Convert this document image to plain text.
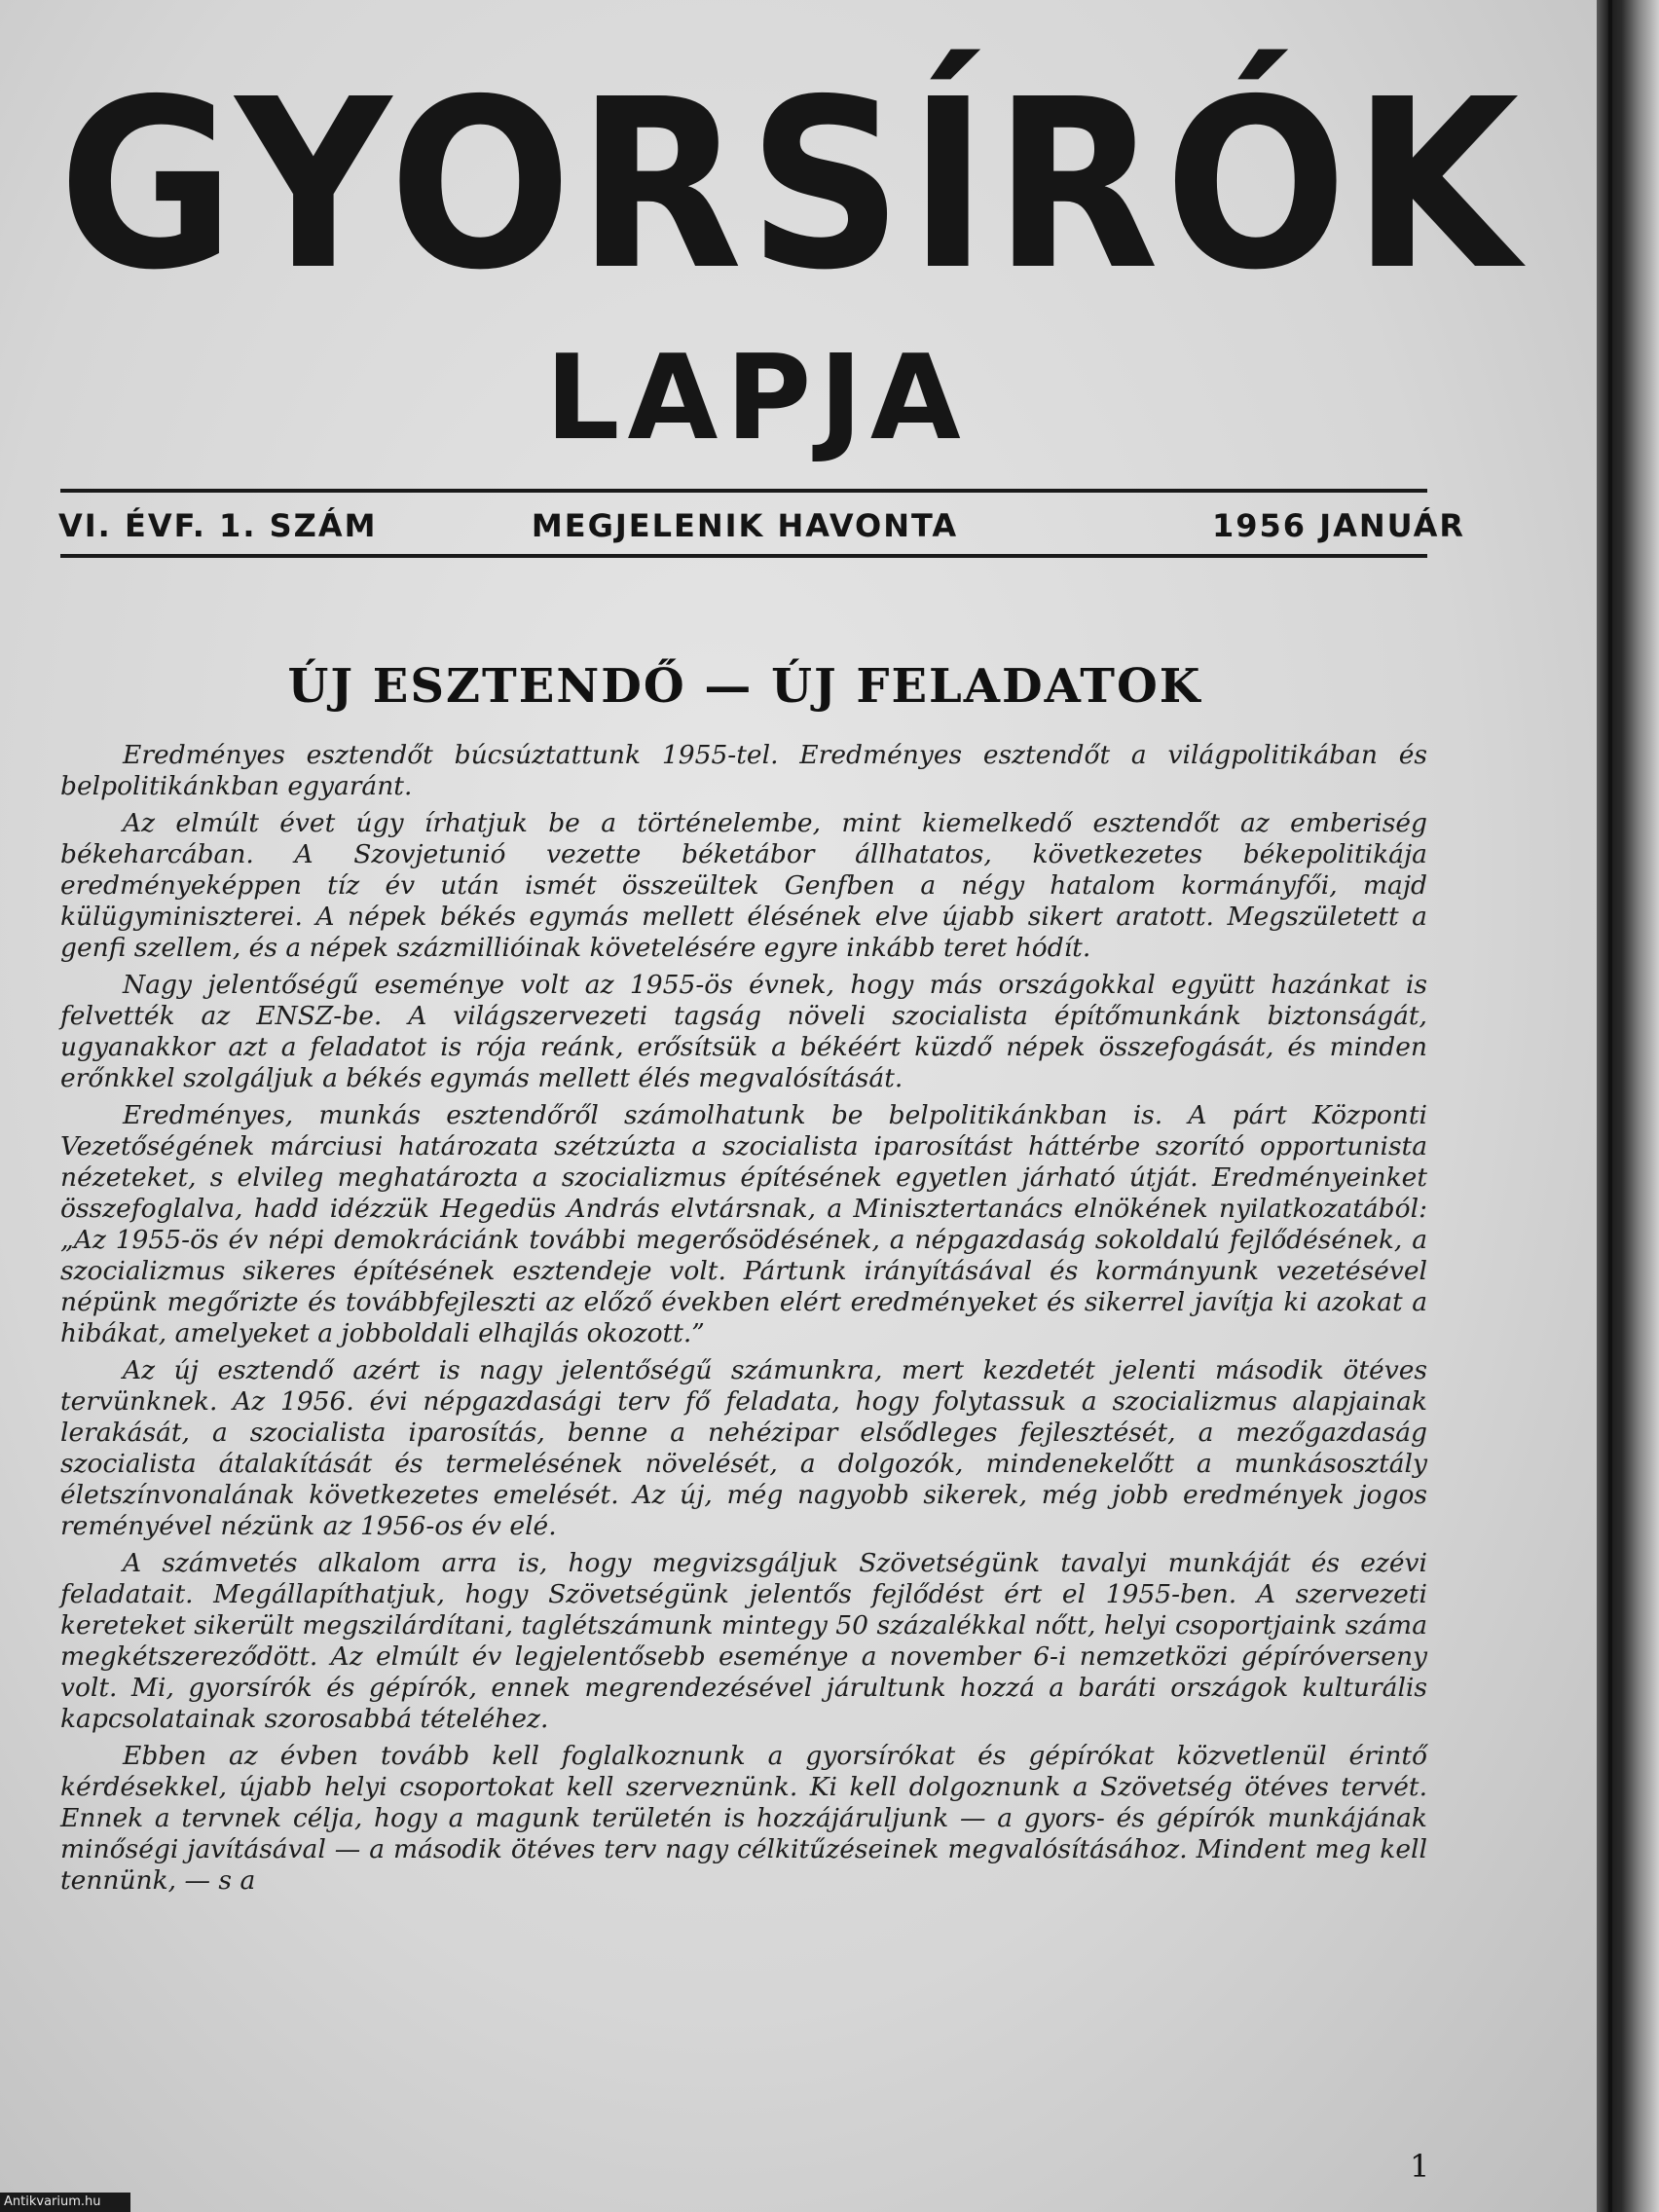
GYORSÍRÓK
LAPJA
VI. ÉVF. 1. SZÁM	MEGJELENIK HAVONTA	1956 JANUÁR
ÚJ ESZTENDŐ — ÚJ FELADATOK

Eredményes esztendőt búcsúztattunk 1955-tel. Eredményes esztendőt a világpolitikában és belpolitikánkban egyaránt.

Az elmúlt évet úgy írhatjuk be a történelembe, mint kiemelkedő esztendőt az emberiség békeharcában. A Szovjetunió vezette béketábor állhatatos, következetes békepolitikája eredményeképpen tíz év után ismét összeültek Genfben a négy hatalom kormányfői, majd külügyminiszterei. A népek békés egymás mellett élésének elve újabb sikert aratott. Megszületett a genfi szellem, és a népek százmillióinak követelésére egyre inkább teret hódít.

Nagy jelentőségű eseménye volt az 1955-ös évnek, hogy más országokkal együtt hazánkat is felvették az ENSZ-be. A világszervezeti tagság növeli szocialista építőmunkánk biztonságát, ugyanakkor azt a feladatot is rója reánk, erősítsük a békéért küzdő népek összefogását, és minden erőnkkel szolgáljuk a békés egymás mellett élés megvalósítását.

Eredményes, munkás esztendőről számolhatunk be belpolitikánkban is. A párt Központi Vezetőségének márciusi határozata szétzúzta a szocialista iparosítást háttérbe szorító opportunista nézeteket, s elvileg meghatározta a szocializmus építésének egyetlen járható útját. Eredményeinket összefoglalva, hadd idézzük Hegedüs András elvtársnak, a Minisztertanács elnökének nyilatkozatából: „Az 1955-ös év népi demokráciánk további megerősödésének, a népgazdaság sokoldalú fejlődésének, a szocializmus sikeres építésének esztendeje volt. Pártunk irányításával és kormányunk vezetésével népünk megőrizte és továbbfejleszti az előző években elért eredményeket és sikerrel javítja ki azokat a hibákat, amelyeket a jobboldali elhajlás okozott.”

Az új esztendő azért is nagy jelentőségű számunkra, mert kezdetét jelenti második ötéves tervünknek. Az 1956. évi népgazdasági terv fő feladata, hogy folytassuk a szocializmus alapjainak lerakását, a szocialista iparosítás, benne a nehézipar elsődleges fejlesztését, a mezőgazdaság szocialista átalakítását és termelésének növelését, a dolgozók, mindenekelőtt a munkásosztály életszínvonalának következetes emelését. Az új, még nagyobb sikerek, még jobb eredmények jogos reményével nézünk az 1956-os év elé.

A számvetés alkalom arra is, hogy megvizsgáljuk Szövetségünk tavalyi munkáját és ezévi feladatait. Megállapíthatjuk, hogy Szövetségünk jelentős fejlődést ért el 1955-ben. A szervezeti kereteket sikerült megszilárdítani, taglétszámunk mintegy 50 százalékkal nőtt, helyi csoportjaink száma megkétszereződött. Az elmúlt év legjelentősebb eseménye a november 6-i nemzetközi gépíróverseny volt. Mi, gyorsírók és gépírók, ennek megrendezésével járultunk hozzá a baráti országok kulturális kapcsolatainak szorosabbá tételéhez.

Ebben az évben tovább kell foglalkoznunk a gyorsírókat és gépírókat közvetlenül érintő kérdésekkel, újabb helyi csoportokat kell szerveznünk. Ki kell dolgoznunk a Szövetség ötéves tervét. Ennek a tervnek célja, hogy a magunk területén is hozzájáruljunk — a gyors- és gépírók munkájának minőségi javításával — a második ötéves terv nagy célkitűzéseinek megvalósításához. Mindent meg kell tennünk, — s a

1
Antikvarium.hu
